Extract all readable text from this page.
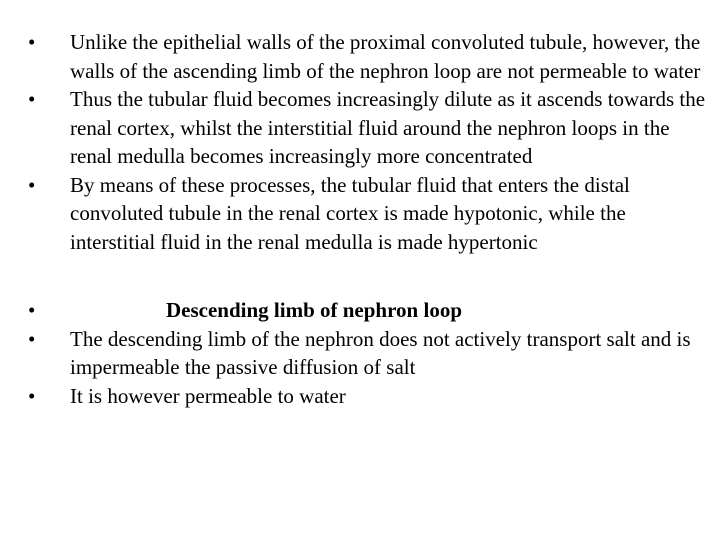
•	Unlike the epithelial walls of the proximal convoluted tubule, however, the walls of the ascending limb of the nephron loop are not permeable to water
•	Thus the tubular fluid becomes increasingly dilute as it ascends towards the renal cortex, whilst the interstitial fluid around the nephron loops in the renal medulla becomes increasingly more concentrated
•	By means of these processes, the tubular fluid that enters the distal convoluted tubule in the renal cortex is made hypotonic, while the  interstitial fluid in the renal medulla is made hypertonic
•	Descending limb of nephron loop
•	The descending limb of the nephron does not actively transport salt and is impermeable the passive diffusion of salt
•	It is however permeable to water
